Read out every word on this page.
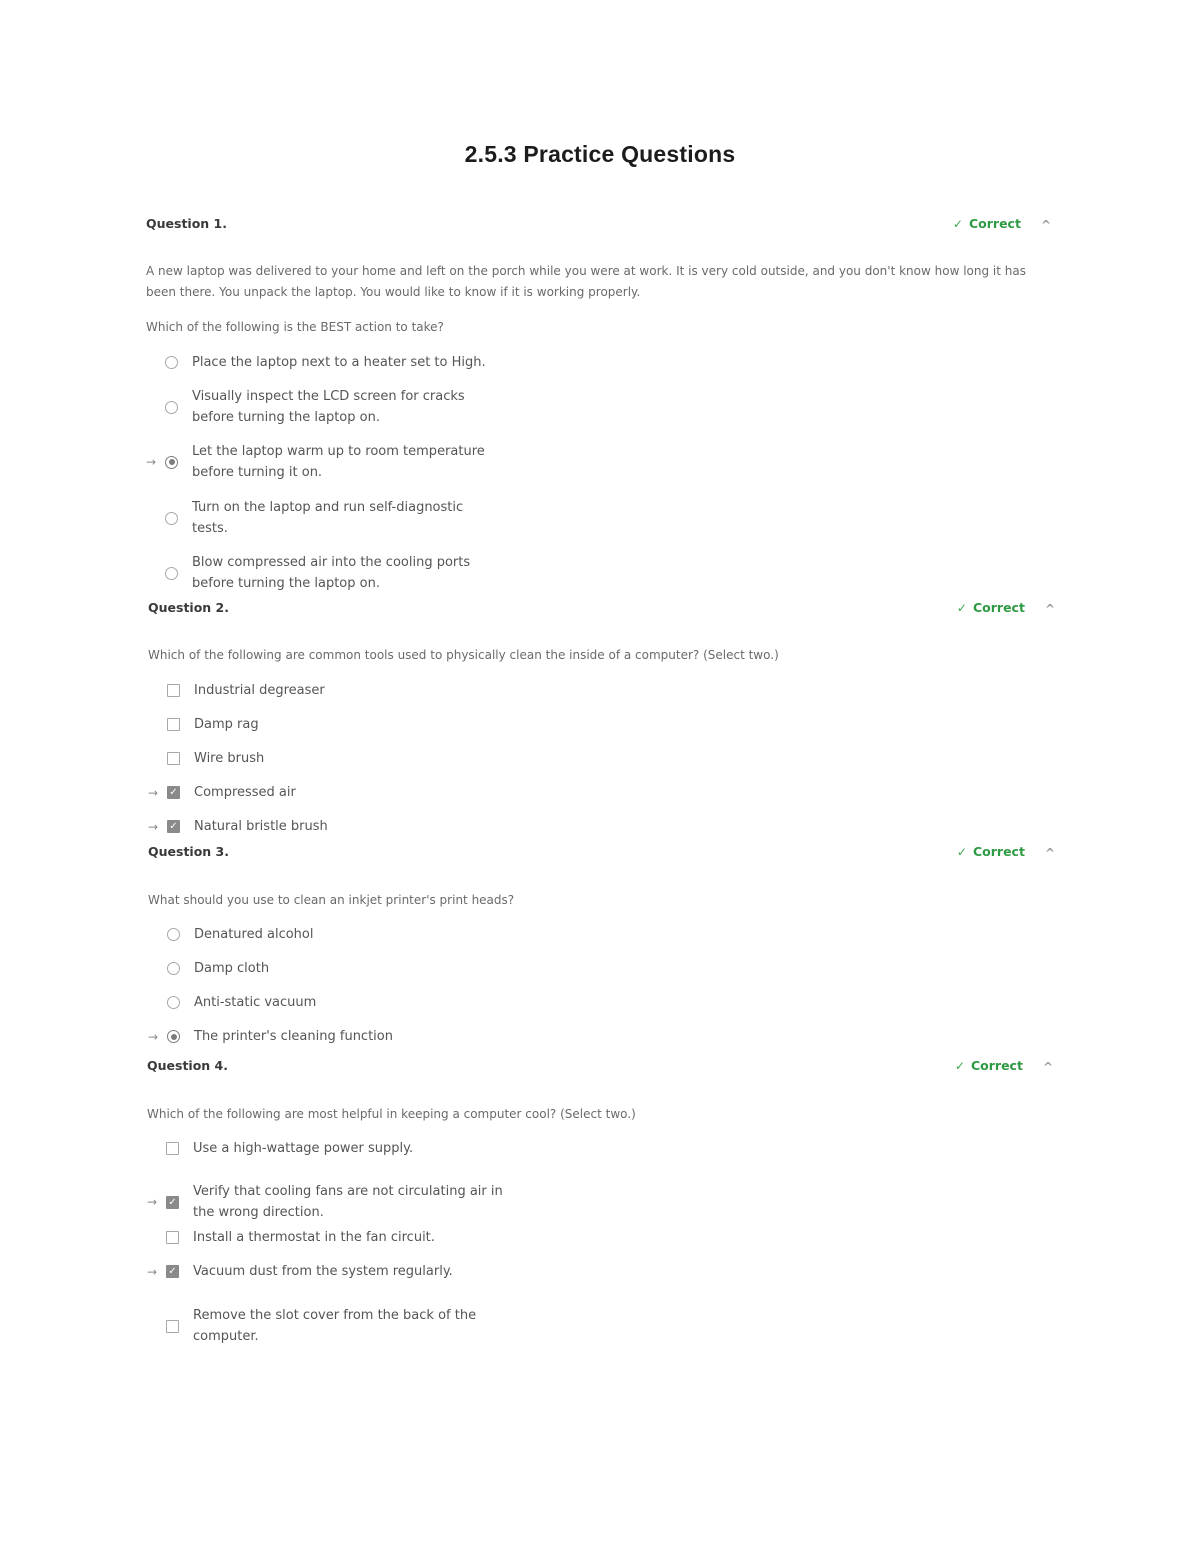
2.5.3 Practice Questions
Question 1.	✓ Correct ^
A new laptop was delivered to your home and left on the porch while you were at work. It is very cold outside, and you don't know how long it has been there. You unpack the laptop. You would like to know if it is working properly.
Which of the following is the BEST action to take?
Place the laptop next to a heater set to High.
Visually inspect the LCD screen for cracks before turning the laptop on.
→
Let the laptop warm up to room temperature before turning it on.
Turn on the laptop and run self-diagnostic tests.
Blow compressed air into the cooling ports before turning the laptop on.
Question 2.	✓ Correct ^
Which of the following are common tools used to physically clean the inside of a computer? (Select two.)
Industrial degreaser
Damp rag
Wire brush
→	✓ Compressed air
→	✓ Natural bristle brush
Question 3.	✓ Correct ^
What should you use to clean an inkjet printer's print heads?
Denatured alcohol
Damp cloth
Anti-static vacuum
→	The printer's cleaning function
Question 4.	✓ Correct ^
Which of the following are most helpful in keeping a computer cool? (Select two.)
Use a high-wattage power supply.
→	✓
Verify that cooling fans are not circulating air in the wrong direction.
Install a thermostat in the fan circuit.
→	✓ Vacuum dust from the system regularly.
Remove the slot cover from the back of the computer.
